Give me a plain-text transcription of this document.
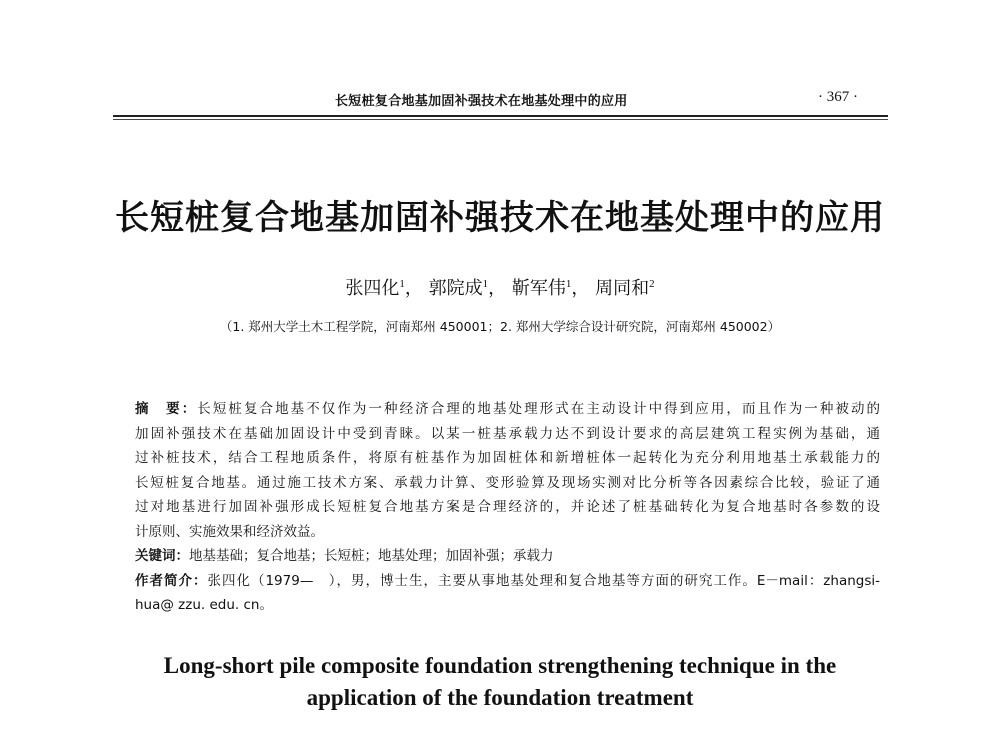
长短桩复合地基加固补强技术在地基处理中的应用	· 367 ·
长短桩复合地基加固补强技术在地基处理中的应用
张四化$^1$， 郭院成$^1$， 靳军伟$^1$， 周同和$^2$
（1. 郑州大学土木工程学院，河南郑州 450001；2. 郑州大学综合设计研究院，河南郑州 450002）
摘　要：长短桩复合地基不仅作为一种经济合理的地基处理形式在主动设计中得到应用，而且作为一种被动的
加固补强技术在基础加固设计中受到青睐。以某一桩基承载力达不到设计要求的高层建筑工程实例为基础，通
过补桩技术，结合工程地质条件，将原有桩基作为加固桩体和新增桩体一起转化为充分利用地基土承载能力的
长短桩复合地基。通过施工技术方案、承载力计算、变形验算及现场实测对比分析等各因素综合比较，验证了通
过对地基进行加固补强形成长短桩复合地基方案是合理经济的，并论述了桩基础转化为复合地基时各参数的设
计原则、实施效果和经济效益。
关键词：地基基础；复合地基；长短桩；地基处理；加固补强；承载力
作者简介：张四化（1979—　），男，博士生，主要从事地基处理和复合地基等方面的研究工作。E－mail：zhangsi-
hua@ zzu. edu. cn。
Long-short pile composite foundation strengthening technique in the
application of the foundation treatment
